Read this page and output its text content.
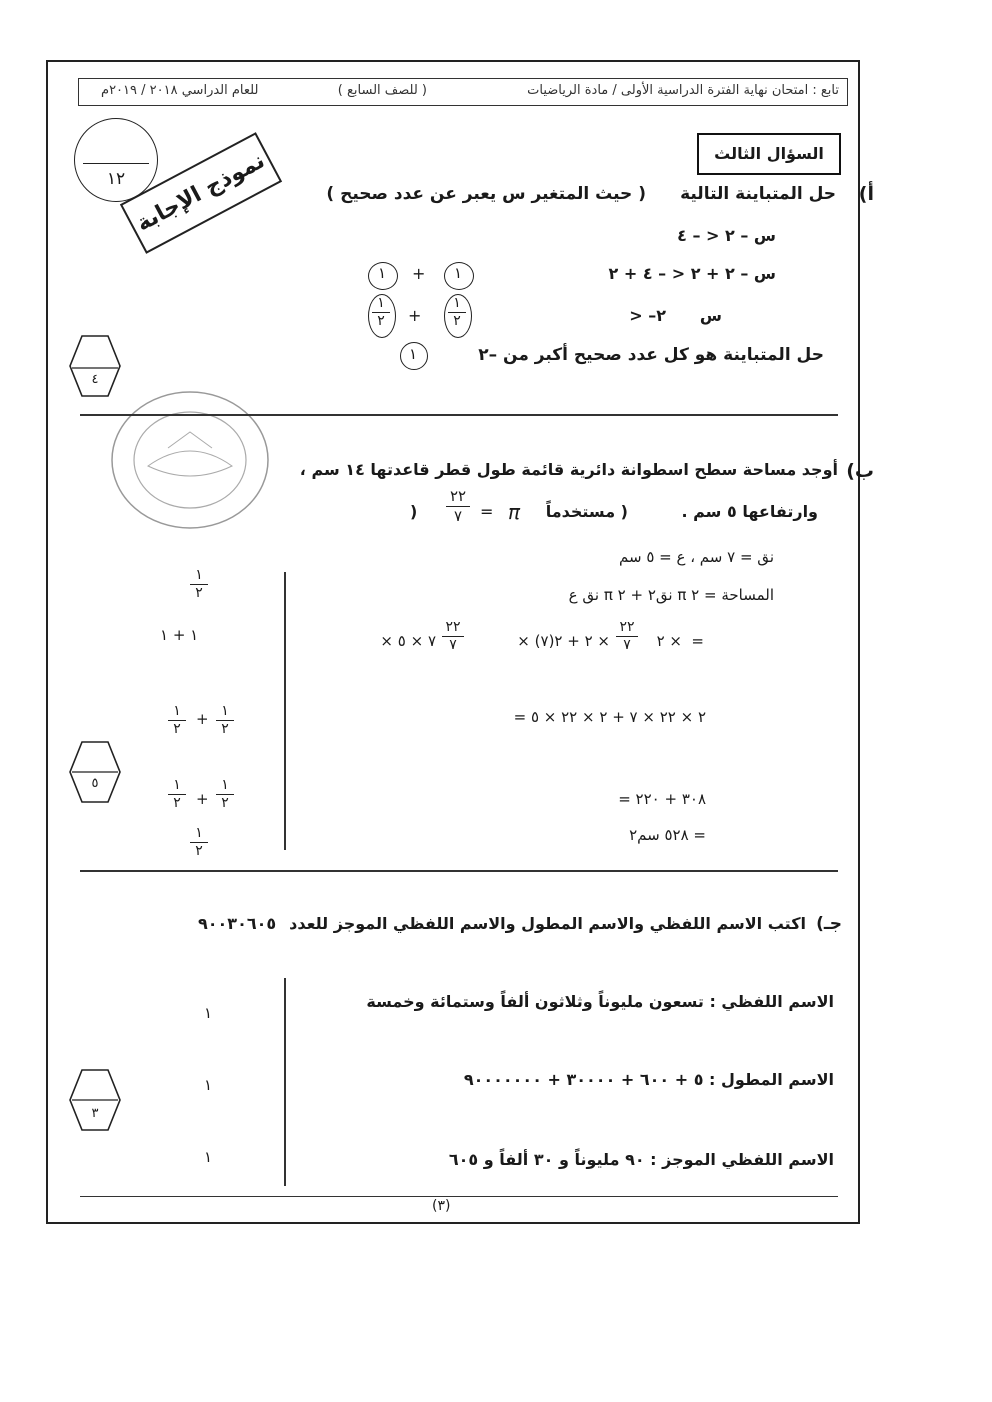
تابع : امتحان نهاية الفترة الدراسية الأولى / مادة الرياضيات
( للصف السابع )
للعام الدراسي ٢٠١٨ / ٢٠١٩م
١٢ نموذج الإجابة	السؤال الثالث
أ)
حل المتباينة التالية
( حيث المتغير س يعبر عن عدد صحيح )
س – ٢ < – ٤
س – ٢ + ٢ < – ٤ + ٢
س
> –٢
١
+
١
١
٢
+
١
٢
حل المتباينة هو كل عدد صحيح أكبر من –٢
١
٤
ب)
أوجد مساحة سطح اسطوانة دائرية قائمة طول قطر قاعدتها ١٤ سم ،
وارتفاعها ٥ سم .
( مستخدماً
π
=
٢٢
٧
)
نق = ٧ سم ، ع = ٥ سم
المساحة = ٢ π نق٢ + ٢ π نق ع
=
٢ ×
٢٢
٧
× (٧)٢ + ٢ ×
٢٢
٧
× ٧ × ٥
= ٢ × ٢٢ × ٧ + ٢ × ٢٢ × ٥
= ٣٠٨ + ٢٢٠
= ٥٢٨ سم٢
١
٢
١ + ١
١
٢
+
١
٢
١
٢
+
١
٢
١
٢
٥
جـ)
اكتب الاسم اللفظي والاسم المطول والاسم اللفظي الموجز للعدد
٩٠٠٣٠٦٠٥
الاسم اللفظي : تسعون مليوناً وثلاثون ألفاً وستمائة وخمسة
الاسم المطول : ٥ + ٦٠٠ + ٣٠٠٠٠ + ٩٠٠٠٠٠٠٠
الاسم اللفظي الموجز : ٩٠ مليوناً و ٣٠ ألفاً و ٦٠٥
١
١
١
٣
(٣)
